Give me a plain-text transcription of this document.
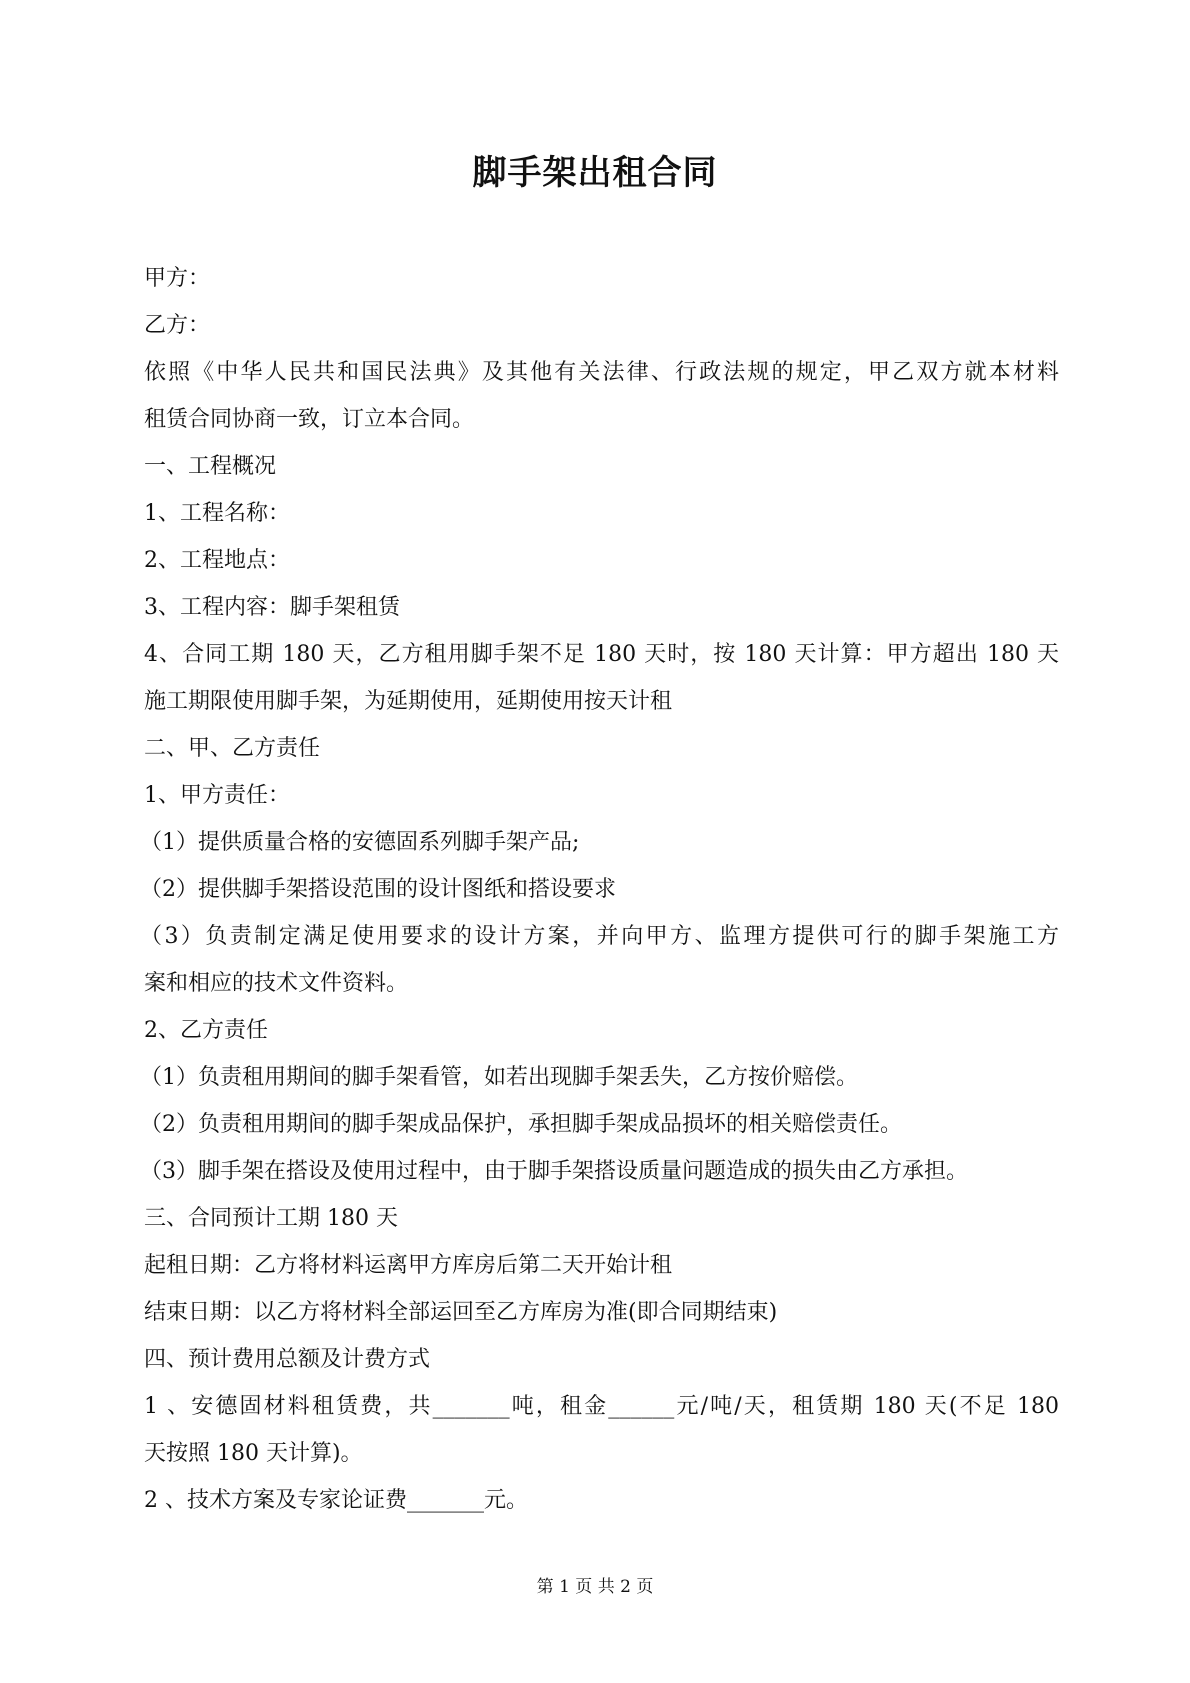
脚手架出租合同
甲方：
乙方：
依照《中华人民共和国民法典》及其他有关法律、行政法规的规定，甲乙双方就本材料
租赁合同协商一致，订立本合同。
一、工程概况
1、工程名称：
2、工程地点：
3、工程内容：脚手架租赁
4、合同工期 180 天，乙方租用脚手架不足 180 天时，按 180 天计算：甲方超出 180 天
施工期限使用脚手架，为延期使用，延期使用按天计租
二、甲、乙方责任
1、甲方责任：
（1）提供质量合格的安德固系列脚手架产品;
（2）提供脚手架搭设范围的设计图纸和搭设要求
（3）负责制定满足使用要求的设计方案，并向甲方、监理方提供可行的脚手架施工方
案和相应的技术文件资料。
2、乙方责任
（1）负责租用期间的脚手架看管，如若出现脚手架丢失，乙方按价赔偿。
（2）负责租用期间的脚手架成品保护，承担脚手架成品损坏的相关赔偿责任。
（3）脚手架在搭设及使用过程中，由于脚手架搭设质量问题造成的损失由乙方承担。
三、合同预计工期 180 天
起租日期：乙方将材料运离甲方库房后第二天开始计租
结束日期：以乙方将材料全部运回至乙方库房为准(即合同期结束)
四、预计费用总额及计费方式
1 、安德固材料租赁费，共_______吨，租金______元/吨/天，租赁期 180 天(不足 180
天按照 180 天计算)。
2 、技术方案及专家论证费_______元。
第 1 页 共 2 页
